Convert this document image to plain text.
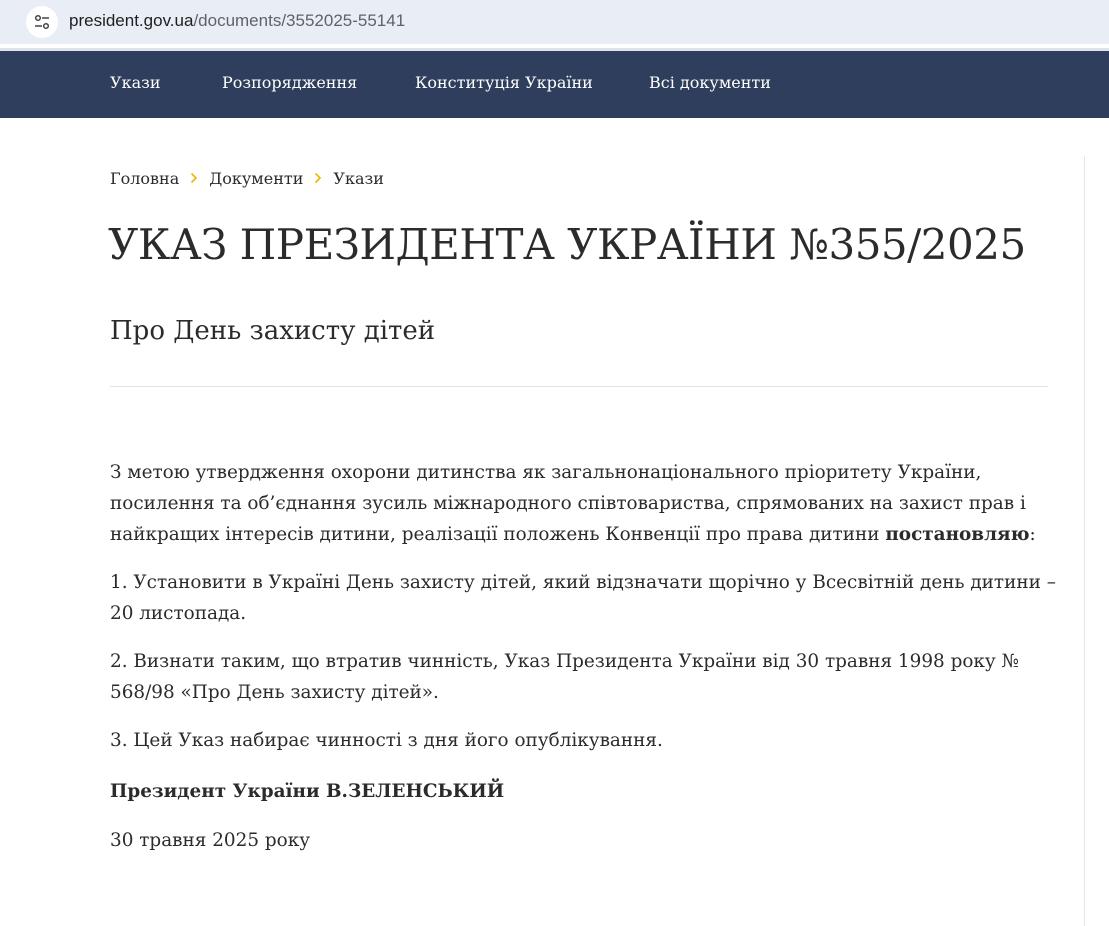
president.gov.ua/documents/3552025-55141
Укази	Розпорядження	Конституція України	Всі документи
Головна Документи Укази
УКАЗ ПРЕЗИДЕНТА УКРАЇНИ №355/2025
Про День захисту дітей

З метою утвердження охорони дитинства як загальнонаціонального пріоритету України, посилення та об’єднання зусиль міжнародного співтовариства, спрямованих на захист прав і найкращих інтересів дитини, реалізації положень Конвенції про права дитини постановляю:

1. Установити в Україні День захисту дітей, який відзначати щорічно у Всесвітній день дитини – 20 листопада.

2. Визнати таким, що втратив чинність, Указ Президента України від 30 травня 1998 року № 568/98 «Про День захисту дітей».

3. Цей Указ набирає чинності з дня його опублікування.

Президент України В.ЗЕЛЕНСЬКИЙ

30 травня 2025 року
